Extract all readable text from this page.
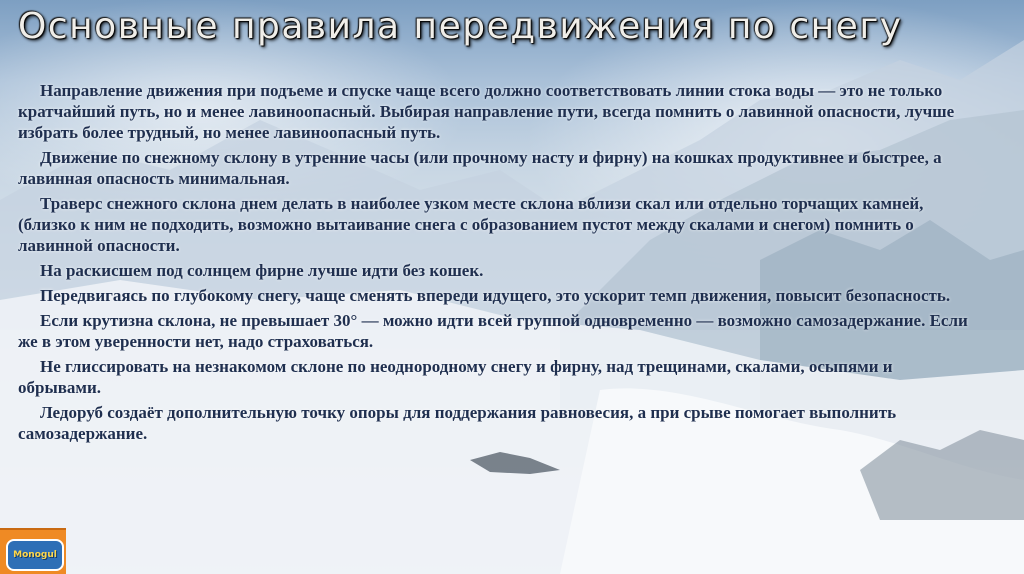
Основные правила передвижения по снегу

Направление движения при подъеме и спуске чаще всего должно соответствовать линии стока воды — это не только кратчайший путь, но и менее лавиноопасный. Выбирая направление пути, всегда помнить о лавинной опасности, лучше избрать более трудный, но менее лавиноопасный путь.

Движение по снежному склону в утренние часы (или прочному насту и фирну) на кошках продуктивнее и быстрее, а лавинная опасность минимальная.

Траверс снежного склона днем делать в наиболее узком месте склона вблизи скал или отдельно торчащих камней, (близко к ним не подходить, возможно вытаивание снега с образованием пустот между скалами и снегом) помнить о лавинной опасности.

На раскисшем под солнцем фирне лучше идти без кошек.

Передвигаясь по глубокому снегу, чаще сменять впереди идущего, это ускорит темп движения, повысит безопасность.

Если крутизна склона, не превышает 30° — можно идти всей группой одновременно — возможно самозадержание. Если же в этом уверенности нет, надо страховаться.

Не глиссировать на незнакомом склоне по неоднородному снегу и фирну, над трещинами, скалами, осыпями и обрывами.

Ледоруб создаёт дополнительную точку опоры для поддержания равновесия, а при срыве помогает выполнить самозадержание.

Monogul
